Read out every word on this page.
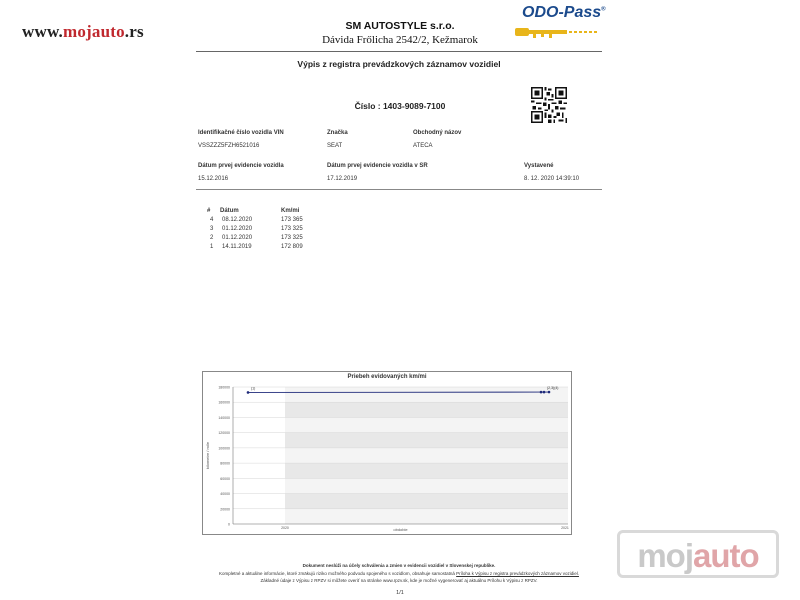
www.mojauto.rs	SM AUTOSTYLE s.r.o.
Dávida Frőlicha 2542/2, Kežmarok
ODO-Pass®
Výpis z registra prevádzkových záznamov vozidiel
Číslo : 1403-9089-7100
Identifikačné číslo vozidla VIN
VSSZZZ5FZH6521016
Značka
SEAT
Obchodný názov
ATECA
Dátum prvej evidencie vozidla
15.12.2016
Dátum prvej evidencie vozidla v SR
17.12.2019
Vystavené
8. 12. 2020 14:39:10
# Dátum	Km/mi
4 08.12.2020	173 365
3 01.12.2020	173 325
2 01.12.2020	173 325
1 14.11.2019	172 809
Priebeh evidovaných km/mi
0
20000
40000
60000
80000
100000
120000
140000
160000
180000
2020	2021
obdobie
kilometre / míle
(1)	(2,3)(4)
Dokument neslúži na účely schválenia a zmien v evidencii vozidiel v Slovenskej republike.
Kompletné a aktuálne informácie, ktoré zmäkujú riziko možného podvodu spojeného s vozidlom, obsahuje samostatná Príloha k Výpisu z registra prevádzkových záznamov vozidiel.
Základné údaje z Výpisu z RPZV si môžete overiť na stránke www.rpzv.sk, kde je možné vygenerovať aj aktuálnu Prílohu k Výpisu z RPZV.
1/1
mojauto
